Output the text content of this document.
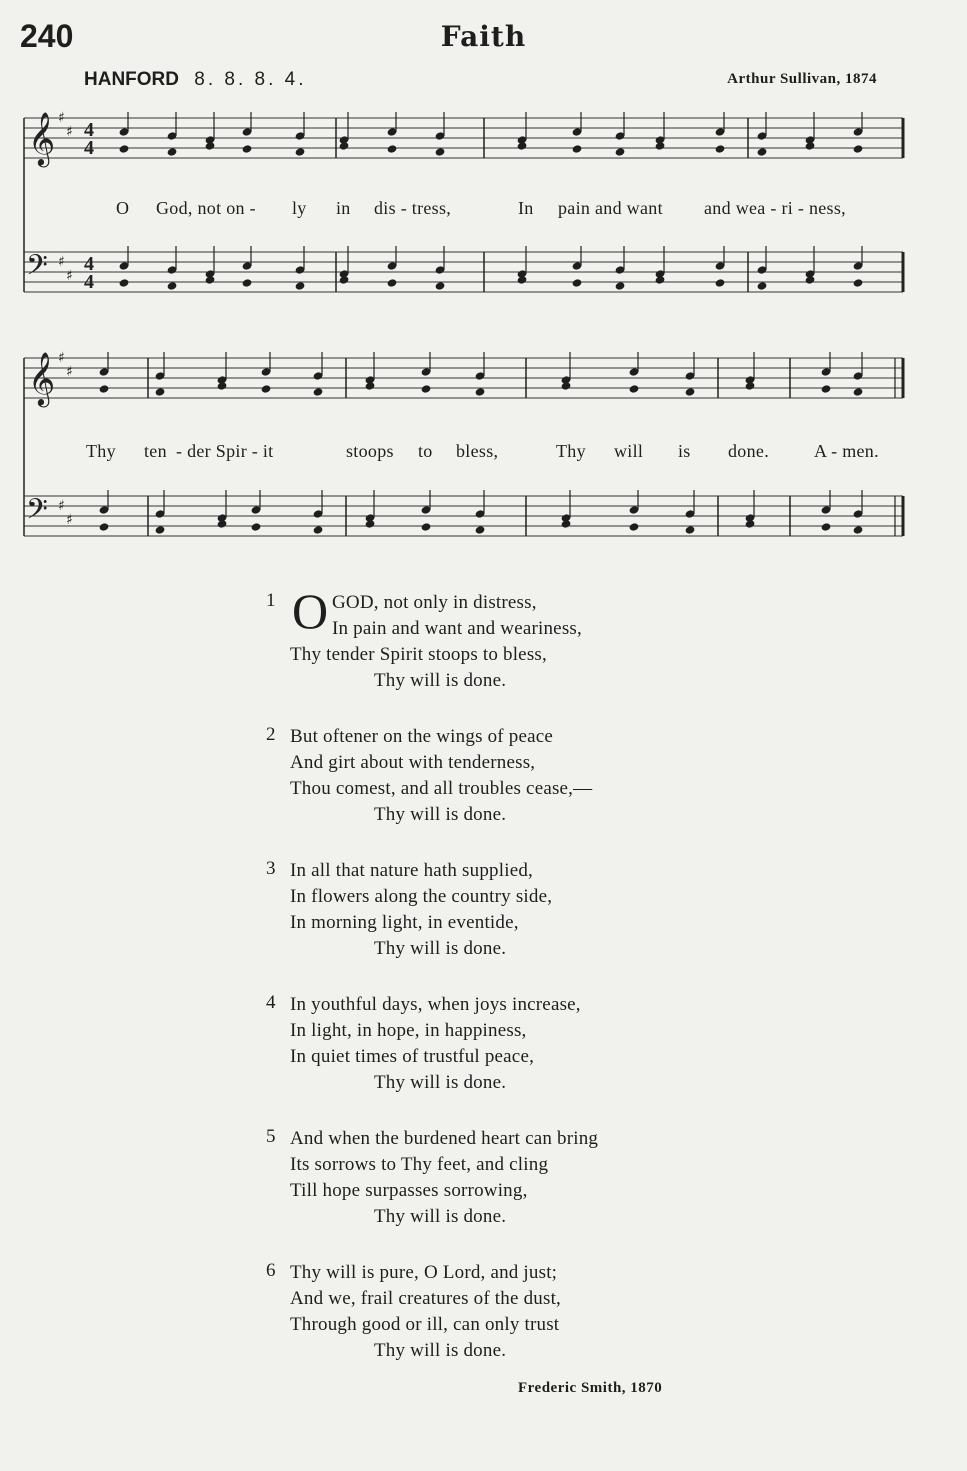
240	Faith
HANFORD 8. 8. 8. 4.	Arthur Sullivan, 1874
𝄞
𝄢
♯
♯
♯
♯
𝄞
𝄢
♯
♯
♯
♯
4
4
4
4
O God, not on - ly in dis - tress,	In pain and want and wea - ri - ness,
Thy ten - der Spir - it	stoops to bless,	Thy will is done.	A - men.
1 O GOD, not only in distress,
In pain and want and weariness,
Thy tender Spirit stoops to bless,
Thy will is done.
2 But oftener on the wings of peace
And girt about with tenderness,
Thou comest, and all troubles cease,—
Thy will is done.
3 In all that nature hath supplied,
In flowers along the country side,
In morning light, in eventide,
Thy will is done.
4 In youthful days, when joys increase,
In light, in hope, in happiness,
In quiet times of trustful peace,
Thy will is done.
5 And when the burdened heart can bring
Its sorrows to Thy feet, and cling
Till hope surpasses sorrowing,
Thy will is done.
6 Thy will is pure, O Lord, and just;
And we, frail creatures of the dust,
Through good or ill, can only trust
Thy will is done.
Frederic Smith, 1870
